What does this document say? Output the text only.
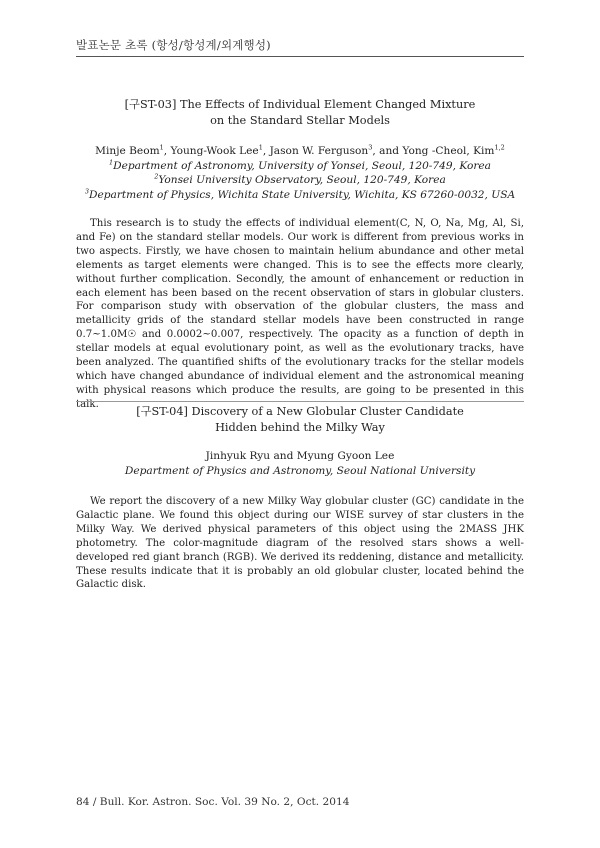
발표논문 초록 (항성/항성계/외계행성)
[구ST-03] The Effects of Individual Element Changed Mixture
on the Standard Stellar Models
Minje Beom$^1$, Young-Wook Lee$^1$, Jason W. Ferguson$^3$, and Yong -Cheol, Kim$^{1,2}$
$^1$Department of Astronomy, University of Yonsei, Seoul, 120-749, Korea
$^2$Yonsei University Observatory, Seoul, 120-749, Korea
$^3$Department of Physics, Wichita State University, Wichita, KS 67260-0032, USA
This research is to study the effects of individual element(C, N, O, Na, Mg, Al, Si, and Fe) on the standard stellar models. Our work is different from previous works in two aspects. Firstly, we have chosen to maintain helium abundance and other metal elements as target elements were changed. This is to see the effects more clearly, without further complication. Secondly, the amount of enhancement or reduction in each element has been based on the recent observation of stars in globular clusters. For comparison study with observation of the globular clusters, the mass and metallicity grids of the standard stellar models have been constructed in range 0.7~1.0M☉ and 0.0002~0.007, respectively. The opacity as a function of depth in stellar models at equal evolutionary point, as well as the evolutionary tracks, have been analyzed. The quantified shifts of the evolutionary tracks for the stellar models which have changed abundance of individual element and the astronomical meaning with physical reasons which produce the results, are going to be presented in this talk.
[구ST-04] Discovery of a New Globular Cluster Candidate
Hidden behind the Milky Way
Jinhyuk Ryu and Myung Gyoon Lee
Department of Physics and Astronomy, Seoul National University
We report the discovery of a new Milky Way globular cluster (GC) candidate in the Galactic plane. We found this object during our WISE survey of star clusters in the Milky Way. We derived physical parameters of this object using the 2MASS JHK photometry. The color-magnitude diagram of the resolved stars shows a well-developed red giant branch (RGB). We derived its reddening, distance and metallicity. These results indicate that it is probably an old globular cluster, located behind the Galactic disk.
84 / Bull. Kor. Astron. Soc. Vol. 39 No. 2, Oct. 2014
